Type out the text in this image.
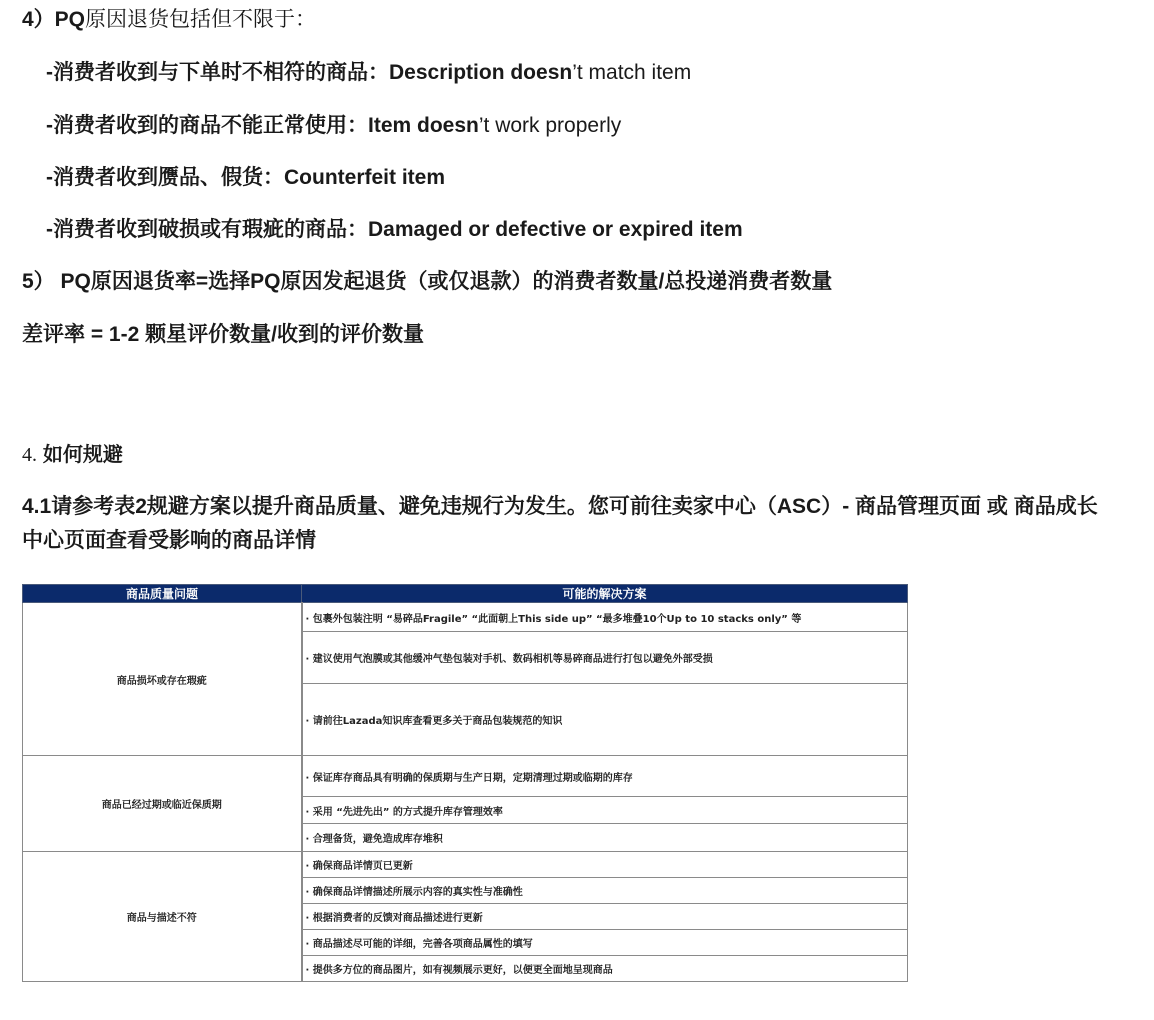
4）PQ原因退货包括但不限于：
-消费者收到与下单时不相符的商品：Description doesn’t match item
-消费者收到的商品不能正常使用：Item doesn’t work properly
-消费者收到赝品、假货：Counterfeit item
-消费者收到破损或有瑕疵的商品：Damaged or defective or expired item
5） PQ原因退货率=选择PQ原因发起退货（或仅退款）的消费者数量/总投递消费者数量
差评率 = 1-2 颗星评价数量/收到的评价数量
4. 如何规避
4.1请参考表2规避方案以提升商品质量、避免违规行为发生。您可前往卖家中心（ASC）- 商品管理页面 或 商品成长中心页面查看受影响的商品详情
商品质量问题	可能的解决方案
商品损坏或存在瑕疵	· 包裹外包装注明 “易碎品Fragile” “此面朝上This side up” “最多堆叠10个Up to 10 stacks only” 等
	· 建议使用气泡膜或其他缓冲气垫包装对手机、数码相机等易碎商品进行打包以避免外部受损
	· 请前往Lazada知识库查看更多关于商品包装规范的知识
商品已经过期或临近保质期	· 保证库存商品具有明确的保质期与生产日期，定期清理过期或临期的库存
	· 采用 “先进先出” 的方式提升库存管理效率
	· 合理备货，避免造成库存堆积
商品与描述不符	· 确保商品详情页已更新
	· 确保商品详情描述所展示内容的真实性与准确性
	· 根据消费者的反馈对商品描述进行更新
	· 商品描述尽可能的详细，完善各项商品属性的填写
	· 提供多方位的商品图片，如有视频展示更好，以便更全面地呈现商品
